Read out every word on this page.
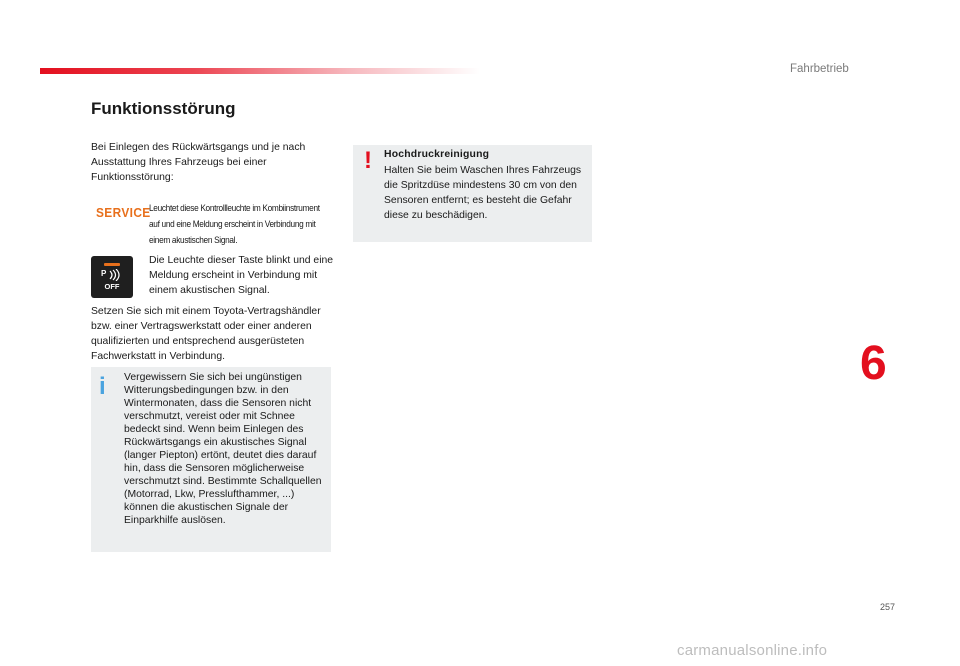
Fahrbetrieb
Funktionsstörung

Bei Einlegen des Rückwärtsgangs und je nach Ausstattung Ihres Fahrzeugs bei einer Funktionsstörung:

SERVICE

Leuchtet diese Kontrollleuchte im Kombiinstrument auf und eine Meldung erscheint in Verbindung mit einem akustischen Signal.

P
OFF

Die Leuchte dieser Taste blinkt und eine Meldung erscheint in Verbindung mit einem akustischen Signal.

Setzen Sie sich mit einem Toyota-Vertragshändler bzw. einer Vertragswerkstatt oder einer anderen qualifizierten und entsprechend ausgerüsteten Fachwerkstatt in Verbindung.

i Vergewissern Sie sich bei ungünstigen Witterungsbedingungen bzw. in den Wintermonaten, dass die Sensoren nicht verschmutzt, vereist oder mit Schnee bedeckt sind. Wenn beim Einlegen des Rückwärtsgangs ein akustisches Signal (langer Piepton) ertönt, deutet dies darauf hin, dass die Sensoren möglicherweise verschmutzt sind. Bestimmte Schallquellen (Motorrad, Lkw, Presslufthammer, ...) können die akustischen Signale der Einparkhilfe auslösen.

! Hochdruckreinigung

Halten Sie beim Waschen Ihres Fahrzeugs die Spritzdüse mindestens 30 cm von den Sensoren entfernt; es besteht die Gefahr diese zu beschädigen.

6
257
carmanualsonline.info
